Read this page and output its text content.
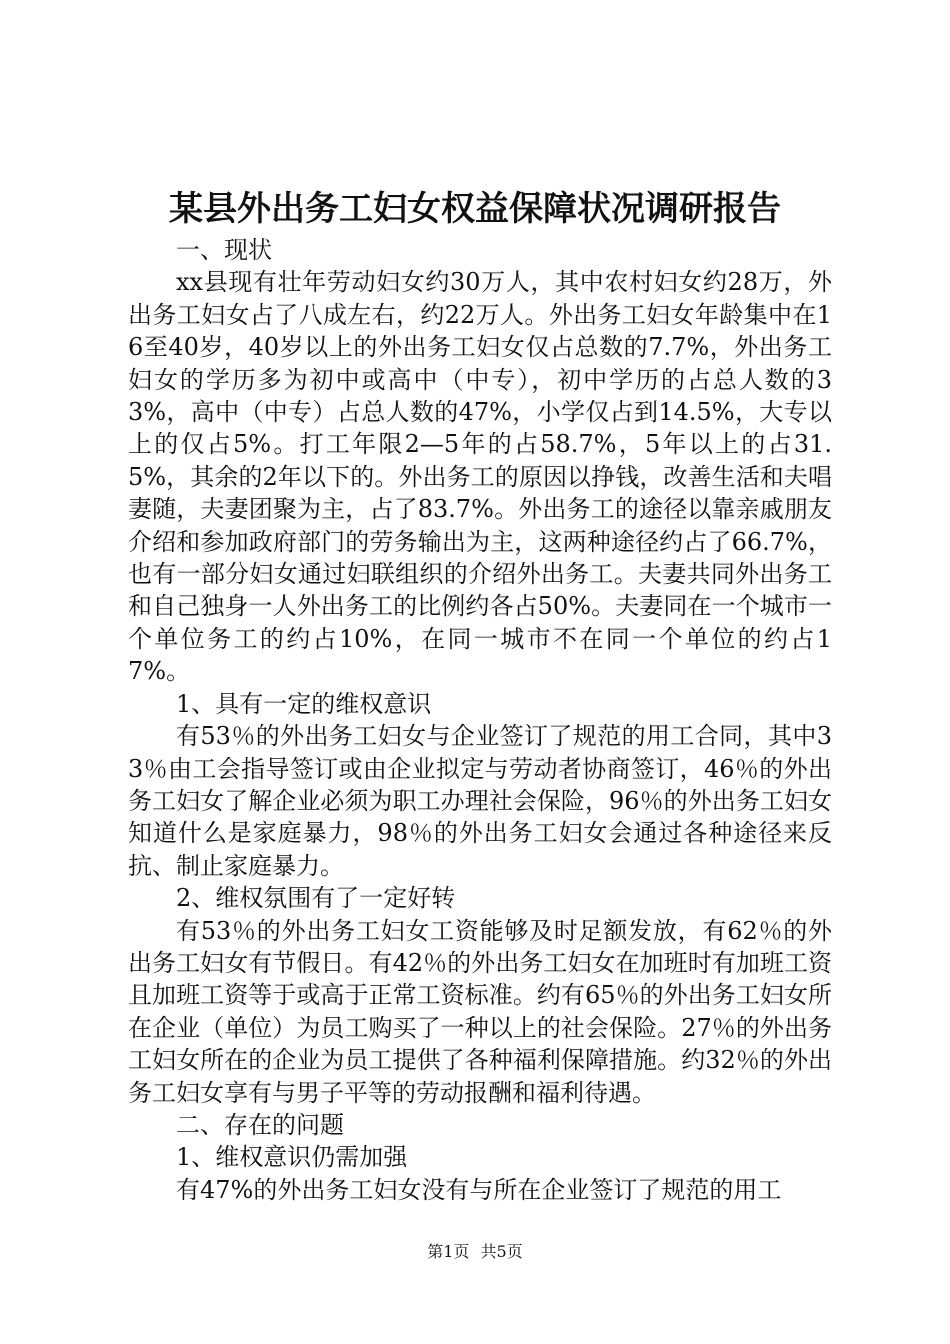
某县外出务工妇女权益保障状况调研报告

一、现状

xx县现有壮年劳动妇女约30万人，其中农村妇女约28万，外出务工妇女占了八成左右，约22万人。外出务工妇女年龄集中在16至40岁，40岁以上的外出务工妇女仅占总数的7.7%，外出务工妇女的学历多为初中或高中（中专），初中学历的占总人数的33%，高中（中专）占总人数的47%，小学仅占到14.5%，大专以上的仅占5%。打工年限2—5年的占58.7%，5年以上的占31.5%，其余的2年以下的。外出务工的原因以挣钱，改善生活和夫唱妻随，夫妻团聚为主，占了83.7%。外出务工的途径以靠亲戚朋友介绍和参加政府部门的劳务输出为主，这两种途径约占了66.7%，也有一部分妇女通过妇联组织的介绍外出务工。夫妻共同外出务工和自己独身一人外出务工的比例约各占50%。夫妻同在一个城市一个单位务工的约占10%，在同一城市不在同一个单位的约占17%。

1、具有一定的维权意识

有53％的外出务工妇女与企业签订了规范的用工合同，其中33％由工会指导签订或由企业拟定与劳动者协商签订，46％的外出务工妇女了解企业必须为职工办理社会保险，96％的外出务工妇女知道什么是家庭暴力，98％的外出务工妇女会通过各种途径来反抗、制止家庭暴力。

2、维权氛围有了一定好转

有53％的外出务工妇女工资能够及时足额发放，有62％的外出务工妇女有节假日。有42％的外出务工妇女在加班时有加班工资且加班工资等于或高于正常工资标准。约有65％的外出务工妇女所在企业（单位）为员工购买了一种以上的社会保险。27％的外出务工妇女所在的企业为员工提供了各种福利保障措施。约32％的外出务工妇女享有与男子平等的劳动报酬和福利待遇。

二、存在的问题

1、维权意识仍需加强

有47%的外出务工妇女没有与所在企业签订了规范的用工

第1页 共5页
